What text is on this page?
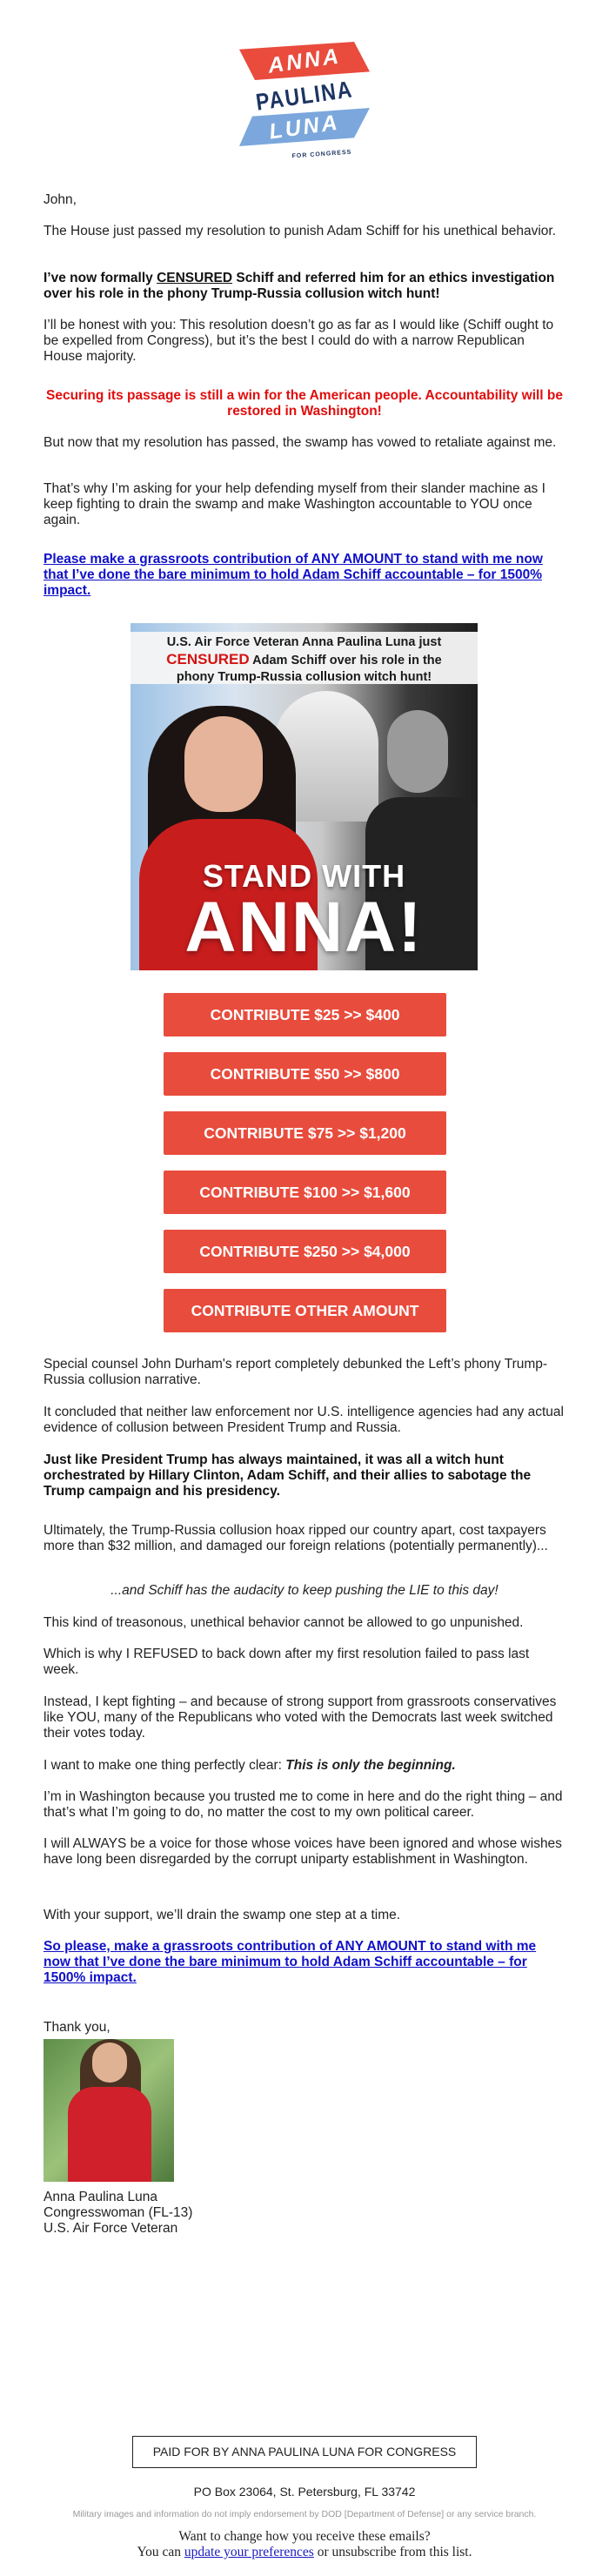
ANNA
PAULINA
LUNA
FOR CONGRESS

John,

The House just passed my resolution to punish Adam Schiff for his unethical behavior.

I’ve now formally CENSURED Schiff and referred him for an ethics investigation over his role in the phony Trump-Russia collusion witch hunt!

I’ll be honest with you: This resolution doesn’t go as far as I would like (Schiff ought to be expelled from Congress), but it’s the best I could do with a narrow Republican House majority.

Securing its passage is still a win for the American people. Accountability will be restored in Washington!

But now that my resolution has passed, the swamp has vowed to retaliate against me.

That’s why I’m asking for your help defending myself from their slander machine as I keep fighting to drain the swamp and make Washington accountable to YOU once again.

Please make a grassroots contribution of ANY AMOUNT to stand with me now that I’ve done the bare minimum to hold Adam Schiff accountable – for 1500% impact.

U.S. Air Force Veteran Anna Paulina Luna just
CENSURED Adam Schiff over his role in the
phony Trump-Russia collusion witch hunt!
STAND WITH
ANNA!
CONTRIBUTE $25 >> $400
CONTRIBUTE $50 >> $800
CONTRIBUTE $75 >> $1,200
CONTRIBUTE $100 >> $1,600
CONTRIBUTE $250 >> $4,000
CONTRIBUTE OTHER AMOUNT

Special counsel John Durham's report completely debunked the Left’s phony Trump-Russia collusion narrative.

It concluded that neither law enforcement nor U.S. intelligence agencies had any actual evidence of collusion between President Trump and Russia.

Just like President Trump has always maintained, it was all a witch hunt orchestrated by Hillary Clinton, Adam Schiff, and their allies to sabotage the Trump campaign and his presidency.

Ultimately, the Trump-Russia collusion hoax ripped our country apart, cost taxpayers more than $32 million, and damaged our foreign relations (potentially permanently)...

...and Schiff has the audacity to keep pushing the LIE to this day!

This kind of treasonous, unethical behavior cannot be allowed to go unpunished.

Which is why I REFUSED to back down after my first resolution failed to pass last week.

Instead, I kept fighting – and because of strong support from grassroots conservatives like YOU, many of the Republicans who voted with the Democrats last week switched their votes today.

I want to make one thing perfectly clear: This is only the beginning.

I’m in Washington because you trusted me to come in here and do the right thing – and that’s what I’m going to do, no matter the cost to my own political career.

I will ALWAYS be a voice for those whose voices have been ignored and whose wishes have long been disregarded by the corrupt uniparty establishment in Washington.

With your support, we’ll drain the swamp one step at a time.

So please, make a grassroots contribution of ANY AMOUNT to stand with me now that I’ve done the bare minimum to hold Adam Schiff accountable – for 1500% impact.

Thank you,

Anna Paulina Luna
Congresswoman (FL-13)
U.S. Air Force Veteran
PAID FOR BY ANNA PAULINA LUNA FOR CONGRESS
PO Box 23064, St. Petersburg, FL 33742
Military images and information do not imply endorsement by DOD [Department of Defense] or any service branch.
Want to change how you receive these emails?
You can update your preferences or unsubscribe from this list.
